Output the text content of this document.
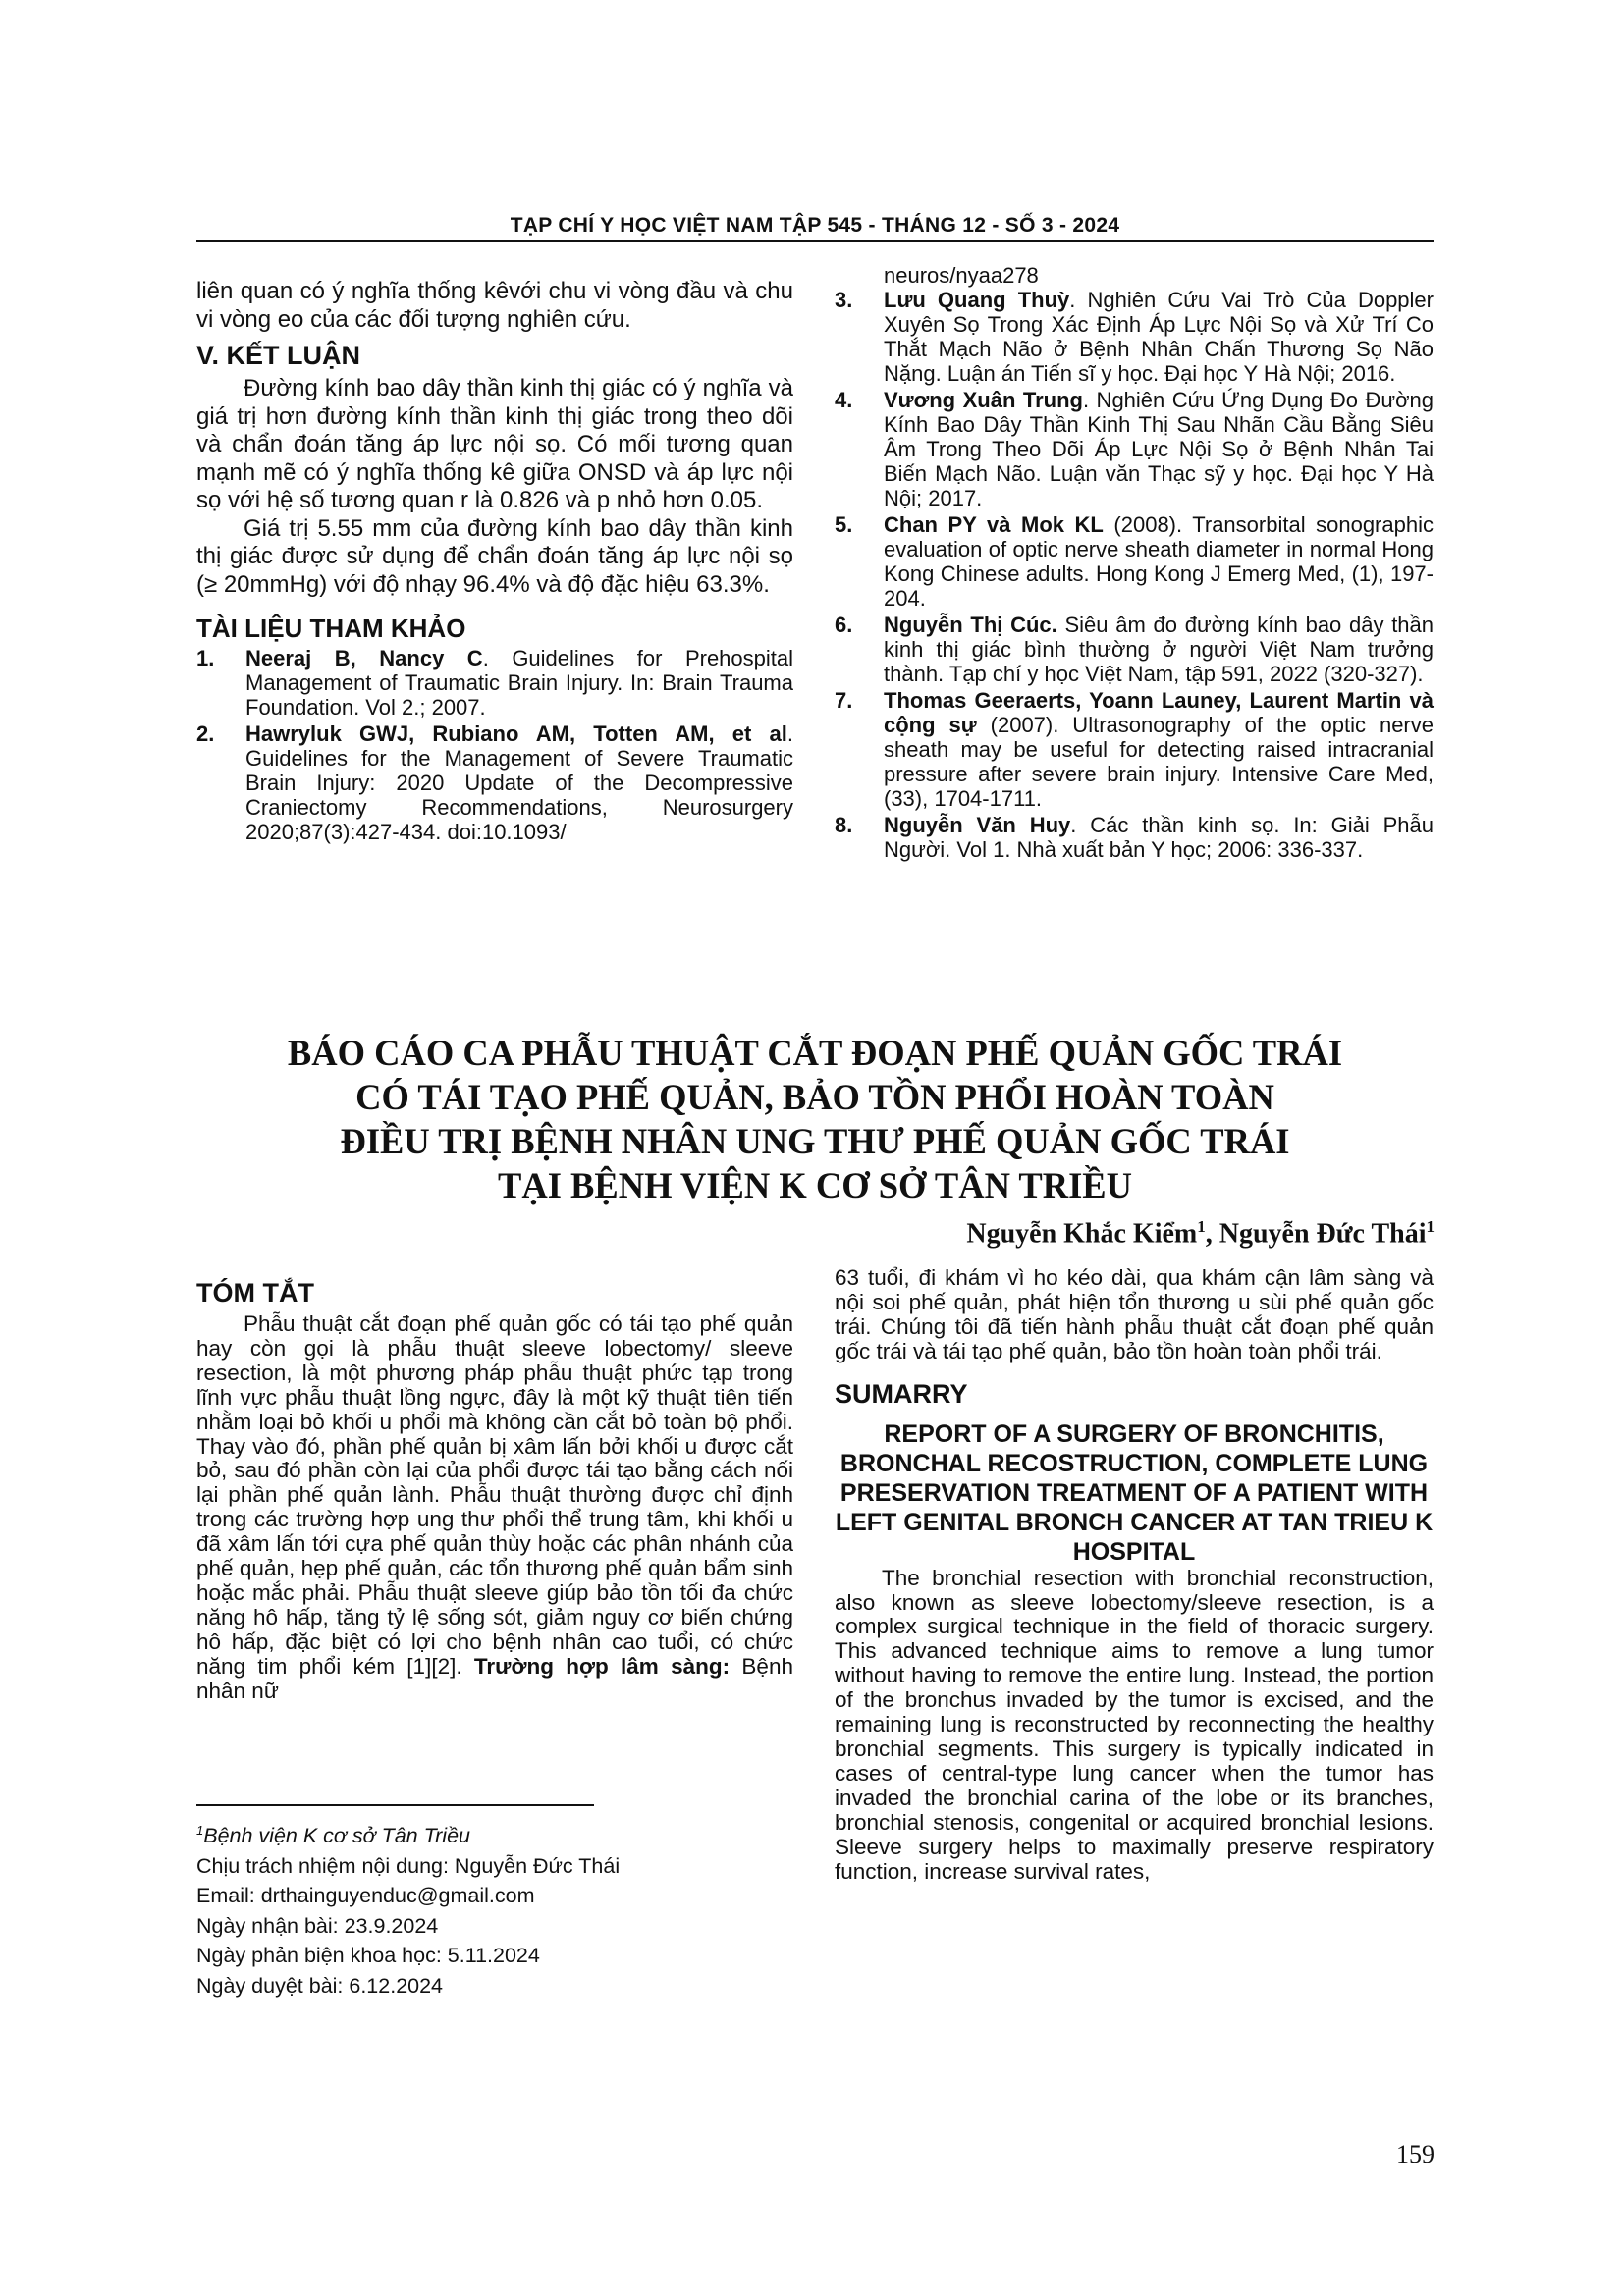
TẠP CHÍ Y HỌC VIỆT NAM TẬP 545 - THÁNG 12 - SỐ 3 - 2024

liên quan có ý nghĩa thống kêvới chu vi vòng đầu và chu vi vòng eo của các đối tượng nghiên cứu.

V. KẾT LUẬN

Đường kính bao dây thần kinh thị giác có ý nghĩa và giá trị hơn đường kính thần kinh thị giác trong theo dõi và chẩn đoán tăng áp lực nội sọ. Có mối tương quan mạnh mẽ có ý nghĩa thống kê giữa ONSD và áp lực nội sọ với hệ số tương quan r là 0.826 và p nhỏ hơn 0.05.

Giá trị 5.55 mm của đường kính bao dây thần kinh thị giác được sử dụng để chẩn đoán tăng áp lực nội sọ (≥ 20mmHg) với độ nhạy 96.4% và độ đặc hiệu 63.3%.

TÀI LIỆU THAM KHẢO
1. Neeraj B, Nancy C. Guidelines for Prehospital Management of Traumatic Brain Injury. In: Brain Trauma Foundation. Vol 2.; 2007.
2. Hawryluk GWJ, Rubiano AM, Totten AM, et al. Guidelines for the Management of Severe Traumatic Brain Injury: 2020 Update of the Decompressive Craniectomy Recommendations, Neurosurgery 2020;87(3):427-434. doi:10.1093/
neuros/nyaa278
3. Lưu Quang Thuỳ. Nghiên Cứu Vai Trò Của Doppler Xuyên Sọ Trong Xác Định Áp Lực Nội Sọ và Xử Trí Co Thắt Mạch Não ở Bệnh Nhân Chấn Thương Sọ Não Nặng. Luận án Tiến sĩ y học. Đại học Y Hà Nội; 2016.
4. Vương Xuân Trung. Nghiên Cứu Ứng Dụng Đo Đường Kính Bao Dây Thần Kinh Thị Sau Nhãn Cầu Bằng Siêu Âm Trong Theo Dõi Áp Lực Nội Sọ ở Bệnh Nhân Tai Biến Mạch Não. Luận văn Thạc sỹ y học. Đại học Y Hà Nội; 2017.
5. Chan PY và Mok KL (2008). Transorbital sonographic evaluation of optic nerve sheath diameter in normal Hong Kong Chinese adults. Hong Kong J Emerg Med, (1), 197-204.
6. Nguyễn Thị Cúc. Siêu âm đo đường kính bao dây thần kinh thị giác bình thường ở người Việt Nam trưởng thành. Tạp chí y học Việt Nam, tập 591, 2022 (320-327).
7. Thomas Geeraerts, Yoann Launey, Laurent Martin và cộng sự (2007). Ultrasonography of the optic nerve sheath may be useful for detecting raised intracranial pressure after severe brain injury. Intensive Care Med, (33), 1704-1711.
8. Nguyễn Văn Huy. Các thần kinh sọ. In: Giải Phẫu Người. Vol 1. Nhà xuất bản Y học; 2006: 336-337.
BÁO CÁO CA PHẪU THUẬT CẮT ĐOẠN PHẾ QUẢN GỐC TRÁI
CÓ TÁI TẠO PHẾ QUẢN, BẢO TỒN PHỔI HOÀN TOÀN
ĐIỀU TRỊ BỆNH NHÂN UNG THƯ PHẾ QUẢN GỐC TRÁI
TẠI BỆNH VIỆN K CƠ SỞ TÂN TRIỀU
Nguyễn Khắc Kiểm$^1$, Nguyễn Đức Thái$^1$
TÓM TẮT

Phẫu thuật cắt đoạn phế quản gốc có tái tạo phế quản hay còn gọi là phẫu thuật sleeve lobectomy/ sleeve resection, là một phương pháp phẫu thuật phức tạp trong lĩnh vực phẫu thuật lồng ngực, đây là một kỹ thuật tiên tiến nhằm loại bỏ khối u phổi mà không cần cắt bỏ toàn bộ phổi. Thay vào đó, phần phế quản bị xâm lấn bởi khối u được cắt bỏ, sau đó phần còn lại của phổi được tái tạo bằng cách nối lại phần phế quản lành. Phẫu thuật thường được chỉ định trong các trường hợp ung thư phổi thể trung tâm, khi khối u đã xâm lấn tới cựa phế quản thùy hoặc các phân nhánh của phế quản, hẹp phế quản, các tổn thương phế quản bẩm sinh hoặc mắc phải. Phẫu thuật sleeve giúp bảo tồn tối đa chức năng hô hấp, tăng tỷ lệ sống sót, giảm nguy cơ biến chứng hô hấp, đặc biệt có lợi cho bệnh nhân cao tuổi, có chức năng tim phổi kém [1][2]. Trường hợp lâm sàng: Bệnh nhân nữ

63 tuổi, đi khám vì ho kéo dài, qua khám cận lâm sàng và nội soi phế quản, phát hiện tổn thương u sùi phế quản gốc trái. Chúng tôi đã tiến hành phẫu thuật cắt đoạn phế quản gốc trái và tái tạo phế quản, bảo tồn hoàn toàn phổi trái.

SUMARRY
REPORT OF A SURGERY OF BRONCHITIS, BRONCHAL RECOSTRUCTION, COMPLETE LUNG PRESERVATION TREATMENT OF A PATIENT WITH LEFT GENITAL BRONCH CANCER AT TAN TRIEU K HOSPITAL

The bronchial resection with bronchial reconstruction, also known as sleeve lobectomy/sleeve resection, is a complex surgical technique in the field of thoracic surgery. This advanced technique aims to remove a lung tumor without having to remove the entire lung. Instead, the portion of the bronchus invaded by the tumor is excised, and the remaining lung is reconstructed by reconnecting the healthy bronchial segments. This surgery is typically indicated in cases of central-type lung cancer when the tumor has invaded the bronchial carina of the lobe or its branches, bronchial stenosis, congenital or acquired bronchial lesions. Sleeve surgery helps to maximally preserve respiratory function, increase survival rates,

$^1$Bệnh viện K cơ sở Tân Triều
Chịu trách nhiệm nội dung: Nguyễn Đức Thái
Email: drthainguyenduc@gmail.com
Ngày nhận bài: 23.9.2024
Ngày phản biện khoa học: 5.11.2024
Ngày duyệt bài: 6.12.2024
159
